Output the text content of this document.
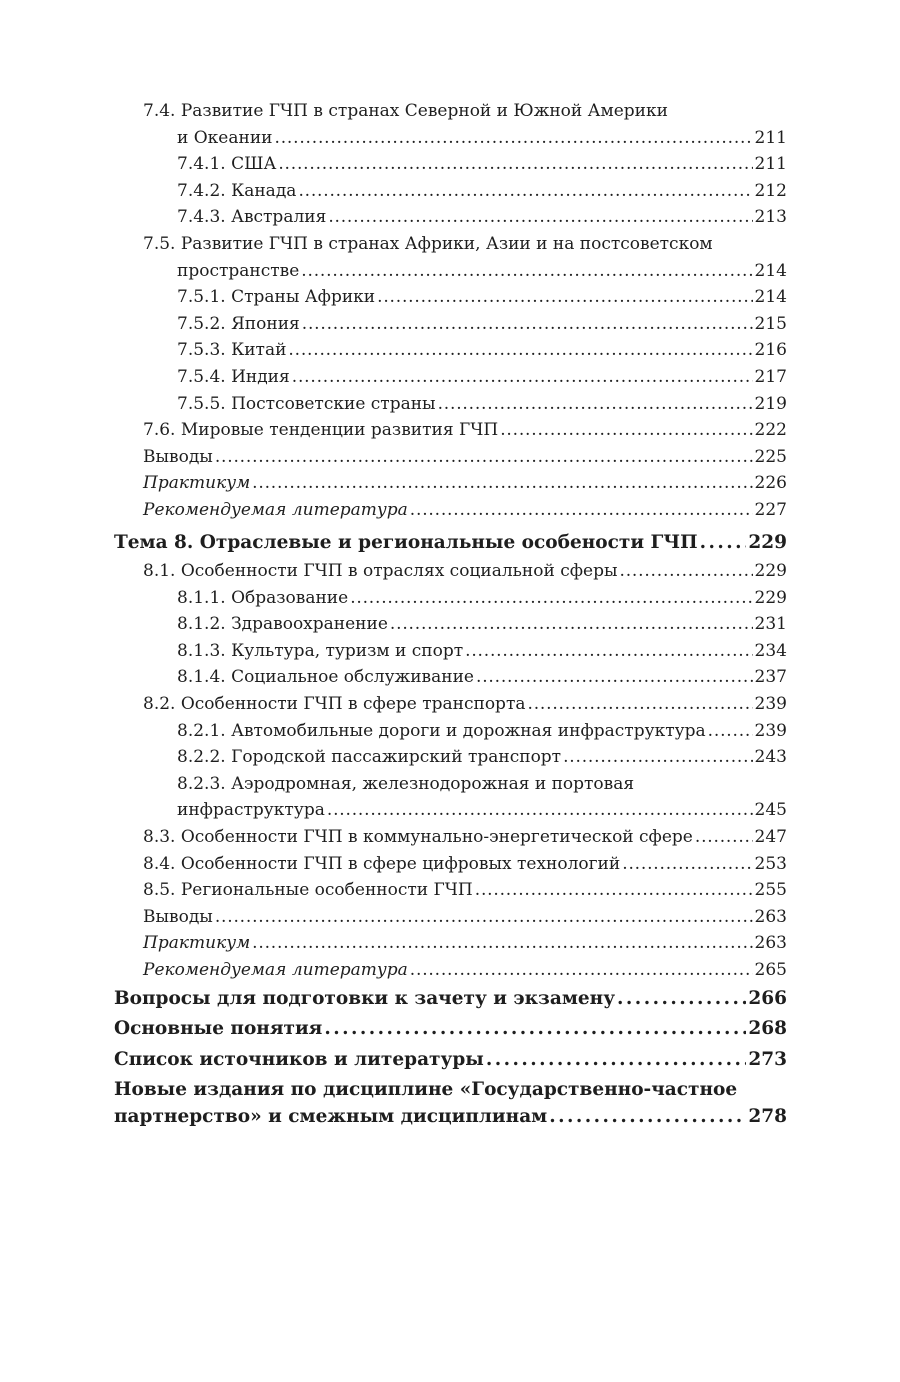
7.4. Развитие ГЧП в странах Северной и Южной Америки
и Океании . . .	211
7.4.1. США . . .	211
7.4.2. Канада . . .	212
7.4.3. Австралия . . .	213
7.5. Развитие ГЧП в странах Африки, Азии и на постсоветском
пространстве . . .	214
7.5.1. Страны Африки . . .	214
7.5.2. Япония . . .	215
7.5.3. Китай . . .	216
7.5.4. Индия . . .	217
7.5.5. Постсоветские страны . . .	219
7.6. Мировые тенденции развития ГЧП . . .	222
Выводы . . .	225
Практикум . . .	226
Рекомендуемая литература . . .	227
Тема 8. Отраслевые и региональные особености ГЧП . . .	229
8.1. Особенности ГЧП в отраслях социальной сферы . . .	229
8.1.1. Образование . . .	229
8.1.2. Здравоохранение . . .	231
8.1.3. Культура, туризм и спорт . . .	234
8.1.4. Социальное обслуживание . . .	237
8.2. Особенности ГЧП в сфере транспорта . . .	239
8.2.1. Автомобильные дороги и дорожная инфраструктура . . .	239
8.2.2. Городской пассажирский транспорт . . .	243
8.2.3. Аэродромная, железнодорожная и портовая
инфраструктура . . .	245
8.3. Особенности ГЧП в коммунально-энергетической сфере . . .	247
8.4. Особенности ГЧП в сфере цифровых технологий . . .	253
8.5. Региональные особенности ГЧП . . .	255
Выводы . . .	263
Практикум . . .	263
Рекомендуемая литература . . .	265
Вопросы для подготовки к зачету и экзамену . . .	266
Основные понятия . . .	268
Список источников и литературы . . .	273
Новые издания по дисциплине «Государственно-частное
партнерство» и смежным дисциплинам . . .	278
